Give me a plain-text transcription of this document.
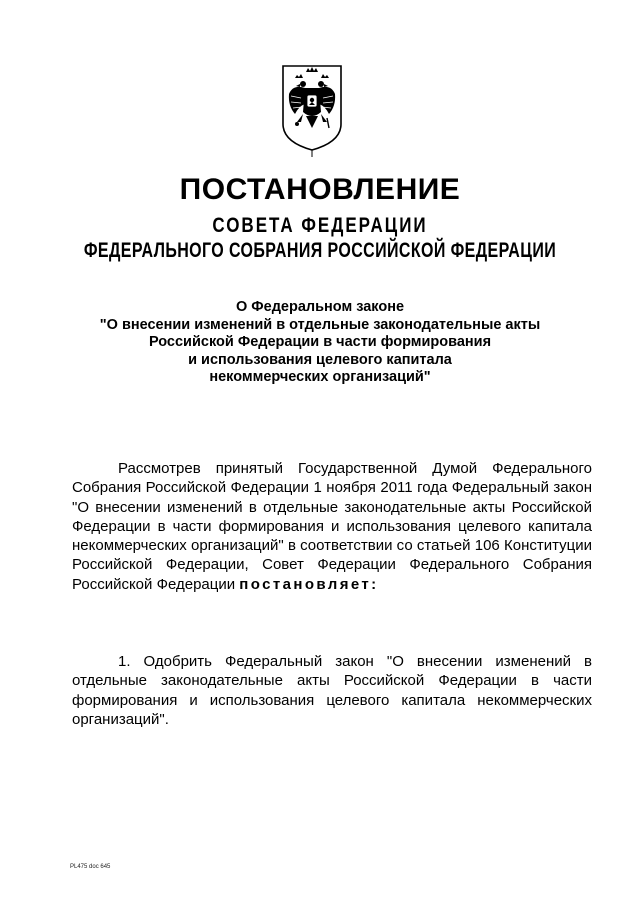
ПОСТАНОВЛЕНИЕ
СОВЕТА ФЕДЕРАЦИИ
ФЕДЕРАЛЬНОГО СОБРАНИЯ РОССИЙСКОЙ ФЕДЕРАЦИИ
О Федеральном законе
"О внесении изменений в отдельные законодательные акты
Российской Федерации в части формирования
и использования целевого капитала
некоммерческих организаций"

Рассмотрев принятый Государственной Думой Федерального Собрания Российской Федерации 1 ноября 2011 года Федеральный закон "О внесении изменений в отдельные законодательные акты Российской Федерации в части формирования и использования целевого капитала некоммерческих организаций" в соответствии со статьей 106 Конституции Российской Федерации, Совет Федерации Федерального Собрания Российской Федерации постановляет:

1. Одобрить Федеральный закон "О внесении изменений в отдельные законодательные акты Российской Федерации в части формирования и использования целевого капитала некоммерческих организаций".

PL475 doc 645
